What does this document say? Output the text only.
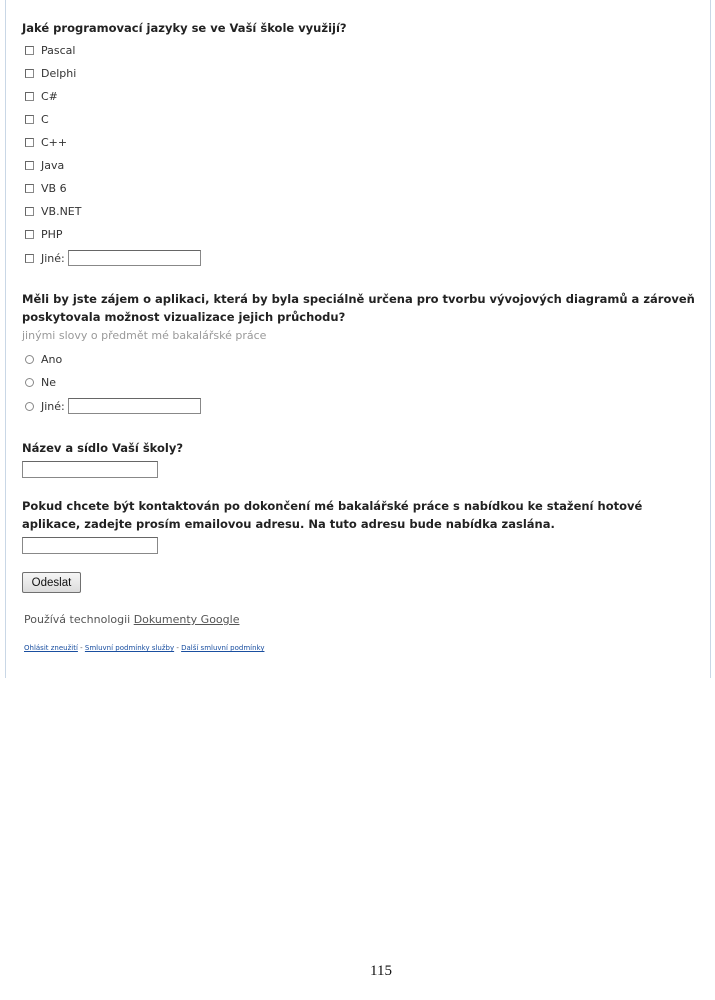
Jaké programovací jazyky se ve Vaší škole využijí?
Pascal
Delphi
C#
C
C++
Java
VB 6
VB.NET
PHP
Jiné:
Měli by jste zájem o aplikaci, která by byla speciálně určena pro tvorbu vývojových diagramů a zároveň poskytovala možnost vizualizace jejich průchodu?
jinými slovy o předmět mé bakalářské práce
Ano
Ne
Jiné:
Název a sídlo Vaší školy?
Pokud chcete být kontaktován po dokončení mé bakalářské práce s nabídkou ke stažení hotové aplikace, zadejte prosím emailovou adresu. Na tuto adresu bude nabídka zaslána.
Odeslat
Používá technologii Dokumenty Google
Ohlásit zneužití - Smluvní podmínky služby - Další smluvní podmínky
115
